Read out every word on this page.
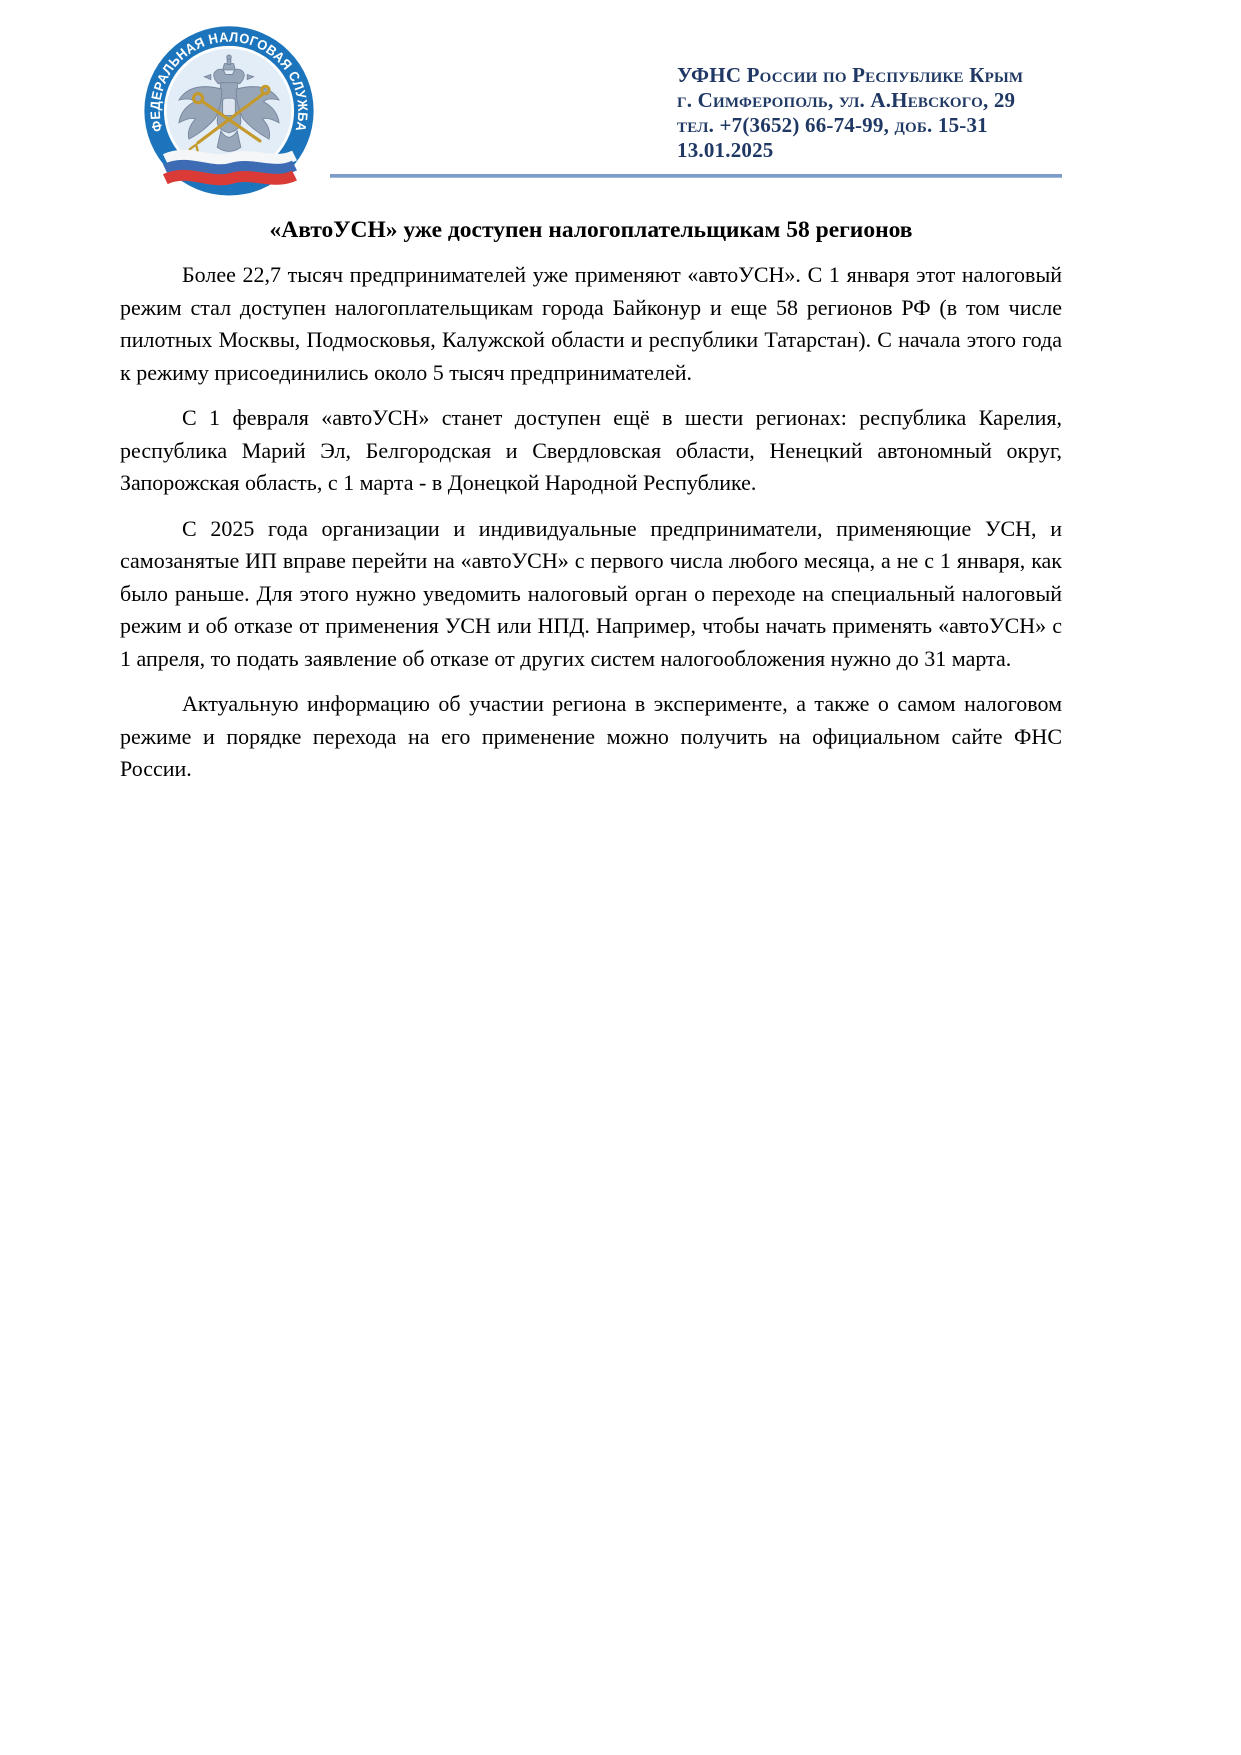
ФЕДЕРАЛЬНАЯ НАЛОГОВАЯ СЛУЖБА
УФНС России по Республике Крым
г. Симферополь, ул. А.Невского, 29
тел. +7(3652) 66-74-99, доб. 15-31
13.01.2025
«АвтоУСН» уже доступен налогоплательщикам 58 регионов

Более 22,7 тысяч предпринимателей уже применяют «автоУСН». С 1 января этот налоговый режим стал доступен налогоплательщикам города Байконур и еще 58 регионов РФ (в том числе пилотных Москвы, Подмосковья, Калужской области и республики Татарстан). С начала этого года к режиму присоединились около 5 тысяч предпринимателей.

С 1 февраля «автоУСН» станет доступен ещё в шести регионах: республика Карелия, республика Марий Эл, Белгородская и Свердловская области, Ненецкий автономный округ, Запорожская область, с 1 марта - в Донецкой Народной Республике.

С 2025 года организации и индивидуальные предприниматели, применяющие УСН, и самозанятые ИП вправе перейти на «автоУСН» с первого числа любого месяца, а не с 1 января, как было раньше. Для этого нужно уведомить налоговый орган о переходе на специальный налоговый режим и об отказе от применения УСН или НПД. Например, чтобы начать применять «автоУСН» с 1 апреля, то подать заявление об отказе от других систем налогообложения нужно до 31 марта.

Актуальную информацию об участии региона в эксперименте, а также о самом налоговом режиме и порядке перехода на его применение можно получить на официальном сайте ФНС России.
